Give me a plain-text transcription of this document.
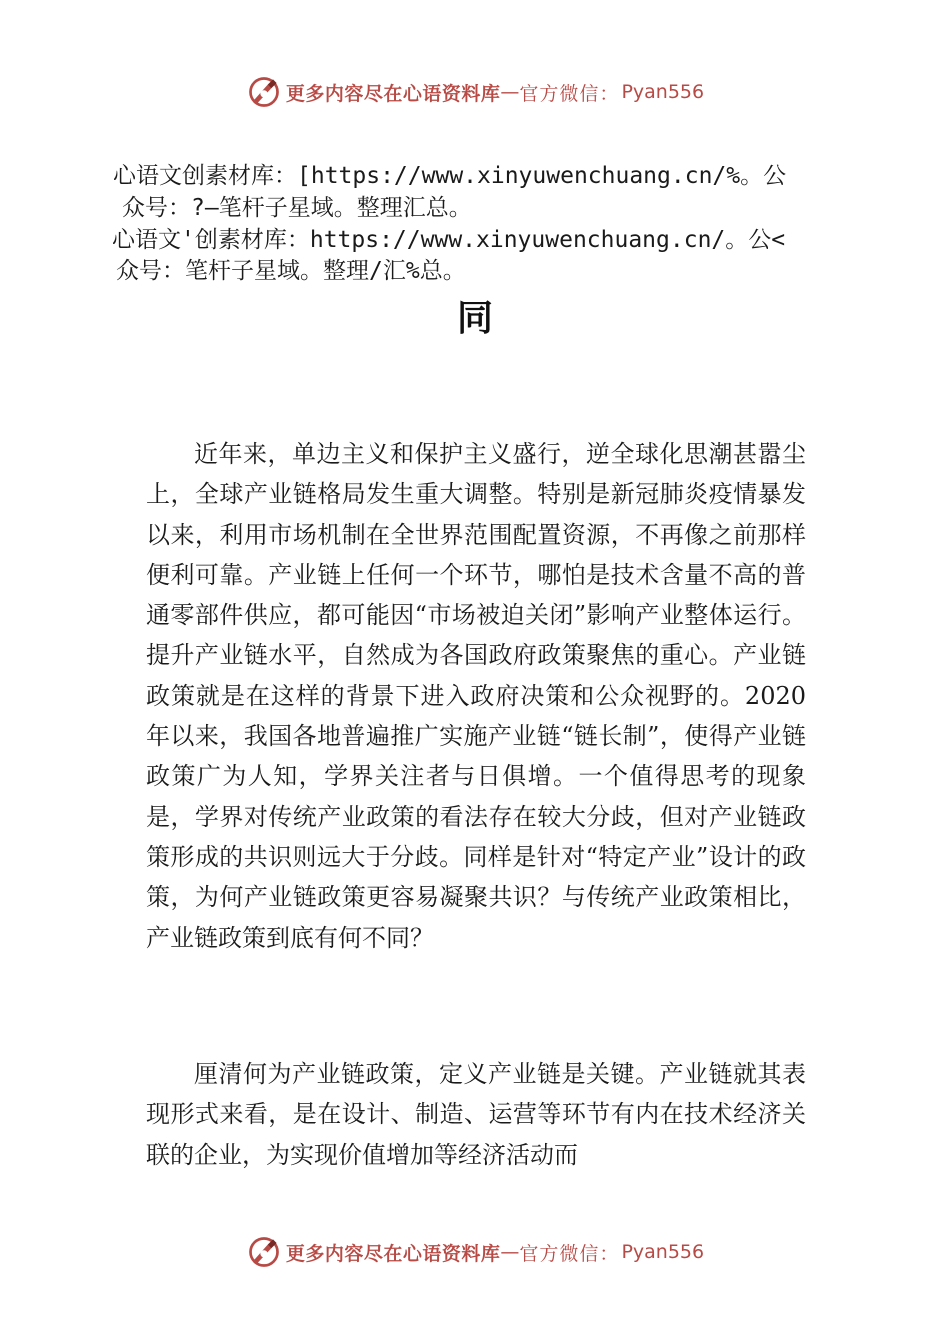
更多内容尽在心语资料库 — 官方微信： Pyan556
心语文创素材库：[https://www.xinyuwenchuang.cn/%。公
众号：?—笔杆子星域。整理汇总。
心语文'创素材库：https://www.xinyuwenchuang.cn/。公<
众号：笔杆子星域。整理/汇%总。
同

近年来，单边主义和保护主义盛行，逆全球化思潮甚嚣尘上，全球产业链格局发生重大调整。特别是新冠肺炎疫情暴发以来，利用市场机制在全世界范围配置资源，不再像之前那样便利可靠。产业链上任何一个环节，哪怕是技术含量不高的普通零部件供应，都可能因“市场被迫关闭”影响产业整体运行。提升产业链水平，自然成为各国政府政策聚焦的重心。产业链政策就是在这样的背景下进入政府决策和公众视野的。2020 年以来，我国各地普遍推广实施产业链“链长制”，使得产业链政策广为人知，学界关注者与日俱增。一个值得思考的现象是，学界对传统产业政策的看法存在较大分歧，但对产业链政策形成的共识则远大于分歧。同样是针对“特定产业”设计的政策，为何产业链政策更容易凝聚共识？与传统产业政策相比，产业链政策到底有何不同？

厘清何为产业链政策，定义产业链是关键。产业链就其表现形式来看，是在设计、制造、运营等环节有内在技术经济关联的企业，为实现价值增加等经济活动而

更多内容尽在心语资料库 — 官方微信： Pyan556
